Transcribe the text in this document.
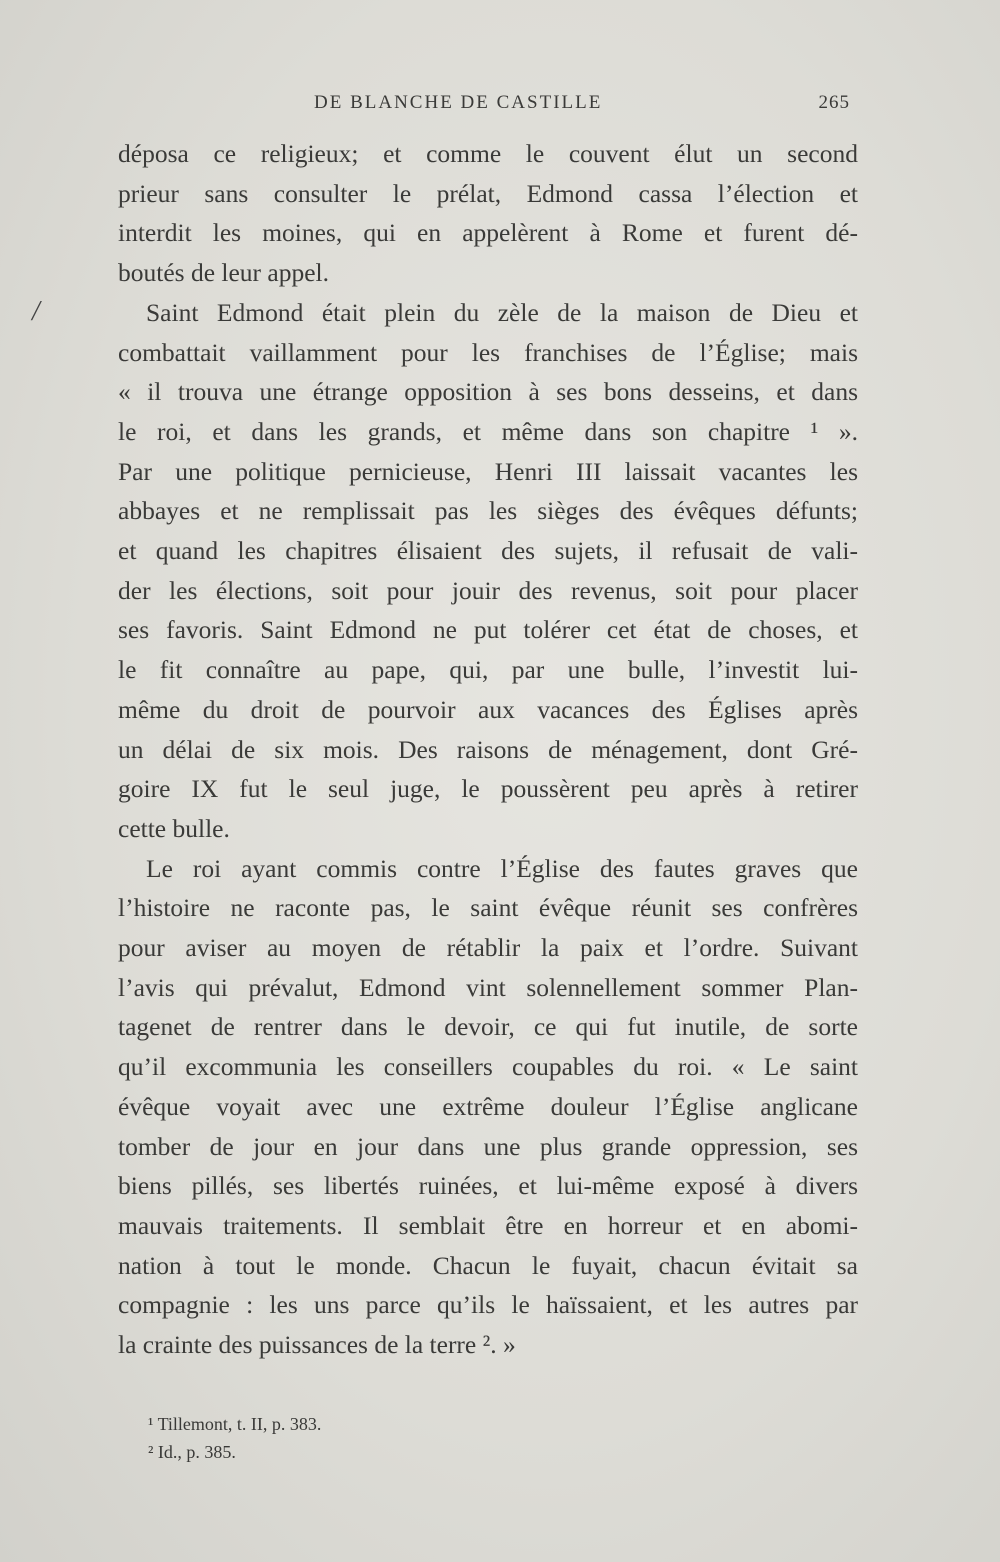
DE BLANCHE DE CASTILLE	265
/
déposa ce religieux; et comme le couvent élut un second
prieur sans consulter le prélat, Edmond cassa l’élection et
interdit les moines, qui en appelèrent à Rome et furent dé-
boutés de leur appel.
Saint Edmond était plein du zèle de la maison de Dieu et
combattait vaillamment pour les franchises de l’Église; mais
« il trouva une étrange opposition à ses bons desseins, et dans
le roi, et dans les grands, et même dans son chapitre ¹ ».
Par une politique pernicieuse, Henri III laissait vacantes les
abbayes et ne remplissait pas les sièges des évêques défunts;
et quand les chapitres élisaient des sujets, il refusait de vali-
der les élections, soit pour jouir des revenus, soit pour placer
ses favoris. Saint Edmond ne put tolérer cet état de choses, et
le fit connaître au pape, qui, par une bulle, l’investit lui-
même du droit de pourvoir aux vacances des Églises après
un délai de six mois. Des raisons de ménagement, dont Gré-
goire IX fut le seul juge, le poussèrent peu après à retirer
cette bulle.
Le roi ayant commis contre l’Église des fautes graves que
l’histoire ne raconte pas, le saint évêque réunit ses confrères
pour aviser au moyen de rétablir la paix et l’ordre. Suivant
l’avis qui prévalut, Edmond vint solennellement sommer Plan-
tagenet de rentrer dans le devoir, ce qui fut inutile, de sorte
qu’il excommunia les conseillers coupables du roi. « Le saint
évêque voyait avec une extrême douleur l’Église anglicane
tomber de jour en jour dans une plus grande oppression, ses
biens pillés, ses libertés ruinées, et lui-même exposé à divers
mauvais traitements. Il semblait être en horreur et en abomi-
nation à tout le monde. Chacun le fuyait, chacun évitait sa
compagnie : les uns parce qu’ils le haïssaient, et les autres par
la crainte des puissances de la terre ². »
¹ Tillemont, t. II, p. 383.
² Id., p. 385.
